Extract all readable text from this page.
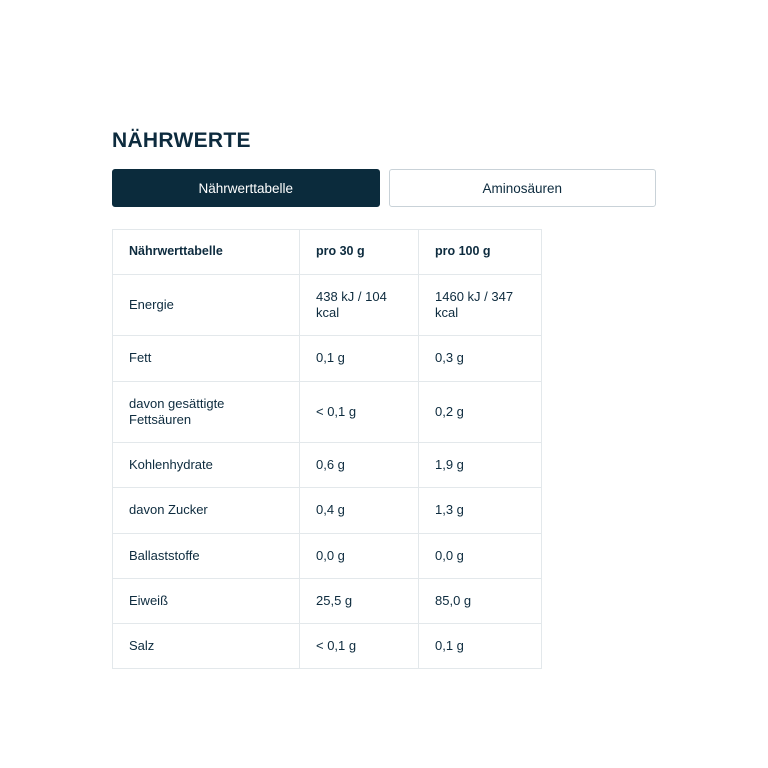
NÄHRWERTE
Nährwerttabelle	Aminosäuren
Nährwerttabelle	pro 30 g	pro 100 g
Energie	438 kJ / 104 kcal	1460 kJ / 347 kcal
Fett	0,1 g	0,3 g
davon gesättigte Fettsäuren	< 0,1 g	0,2 g
Kohlenhydrate	0,6 g	1,9 g
davon Zucker	0,4 g	1,3 g
Ballaststoffe	0,0 g	0,0 g
Eiweiß	25,5 g	85,0 g
Salz	< 0,1 g	0,1 g
